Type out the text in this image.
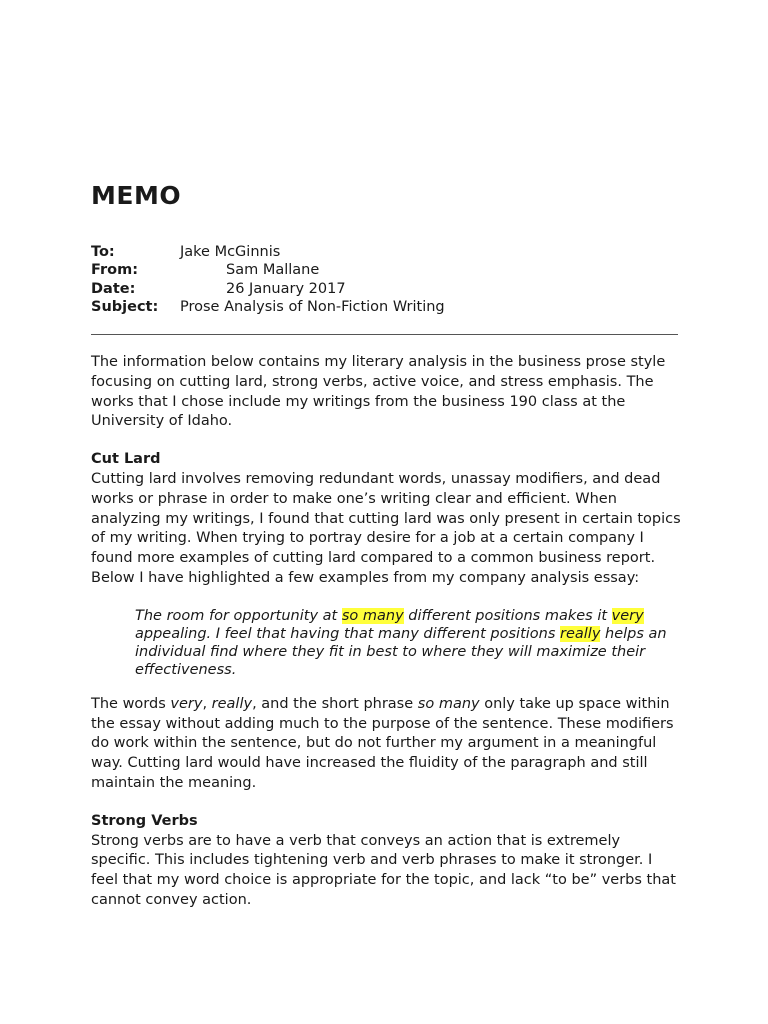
MEMO
To:	Jake McGinnis
From:	Sam Mallane
Date:	26 January 2017
Subject: Prose Analysis of Non-Fiction Writing

The information below contains my literary analysis in the business prose style focusing on cutting lard, strong verbs, active voice, and stress emphasis. The works that I chose include my writings from the business 190 class at the University of Idaho.

Cut Lard

Cutting lard involves removing redundant words, unassay modifiers, and dead works or phrase in order to make one’s writing clear and efficient. When analyzing my writings, I found that cutting lard was only present in certain topics of my writing. When trying to portray desire for a job at a certain company I found more examples of cutting lard compared to a common business report. Below I have highlighted a few examples from my company analysis essay:

The room for opportunity at so many different positions makes it very appealing. I feel that having that many different positions really helps an individual find where they fit in best to where they will maximize their effectiveness.

The words very, really, and the short phrase so many only take up space within the essay without adding much to the purpose of the sentence. These modifiers do work within the sentence, but do not further my argument in a meaningful way. Cutting lard would have increased the fluidity of the paragraph and still maintain the meaning.

Strong Verbs

Strong verbs are to have a verb that conveys an action that is extremely specific. This includes tightening verb and verb phrases to make it stronger. I feel that my word choice is appropriate for the topic, and lack “to be” verbs that cannot convey action.
